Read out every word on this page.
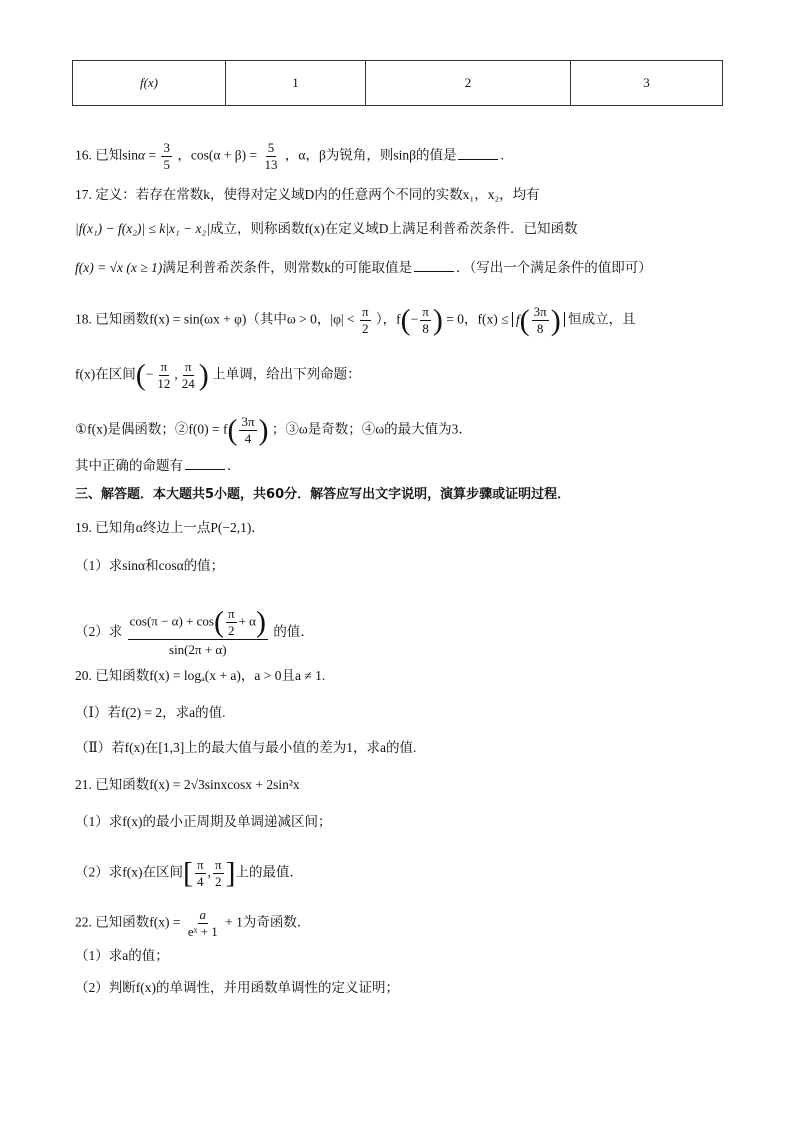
f(x)	1	2	3
16. 已知$\sin\alpha = \frac{3}{5}$ ，$\cos(\alpha + \beta) = \frac{5}{13}$ ，α，β为锐角，则sinβ的值是	.
17. 定义：若存在常数k，使得对定义域D内的任意两个不同的实数x₁，x₂，均有
|f(x₁) − f(x₂)| ≤ k|x₁ − x₂|成立，则称函数f(x)在定义域D上满足利普希茨条件．已知函数
f(x) = √x (x ≥ 1)满足利普希茨条件，则常数k的可能取值是	．（写出一个满足条件的值即可）
18. 已知函数f(x) = sin(ωx + φ)（其中ω > 0，$|\varphi| < \frac{\pi}{2}$ ），$f(- \frac{\pi}{8}$ ) = 0，$f(x) \le f( \frac{3\pi}{8}$ ) 恒成立，且
f(x)在区间(− $\frac{\pi}{12}$ , $\frac{\pi}{24}$ ) 上单调，给出下列命题：
①f(x)是偶函数；②f(0) = $f( \frac{3\pi}{4}$ ) ；③ω是奇数；④ω的最大值为3．
其中正确的命题有	．
三、解答题．本大题共5小题，共60分．解答应写出文字说明，演算步骤或证明过程．
19. 已知角α终边上一点P(−2,1)．
（1）求sinα和cosα的值；
（2）求 $\frac{\cos(\pi - \alpha) + \cos( \frac{\pi}{2} + \alpha)}{\sin(2\pi + \alpha)}$ 的值．
20. 已知函数f(x) = logₐ(x + a)，a > 0且a ≠ 1.
（Ⅰ）若f(2) = 2，求a的值.
（Ⅱ）若f(x)在[1,3]上的最大值与最小值的差为1，求a的值.
21. 已知函数f(x) = 2√3sinxcosx + 2sin²x
（1）求f(x)的最小正周期及单调递减区间；
（2）求f(x)在区间[ $\frac{\pi}{4}$ , $\frac{\pi}{2}$ ]上的最值．
22. 已知函数$f(x) = \frac{a}{\text{eˣ + 1}} + 1$为奇函数．
（1）求a的值；
（2）判断f(x)的单调性，并用函数单调性的定义证明；
